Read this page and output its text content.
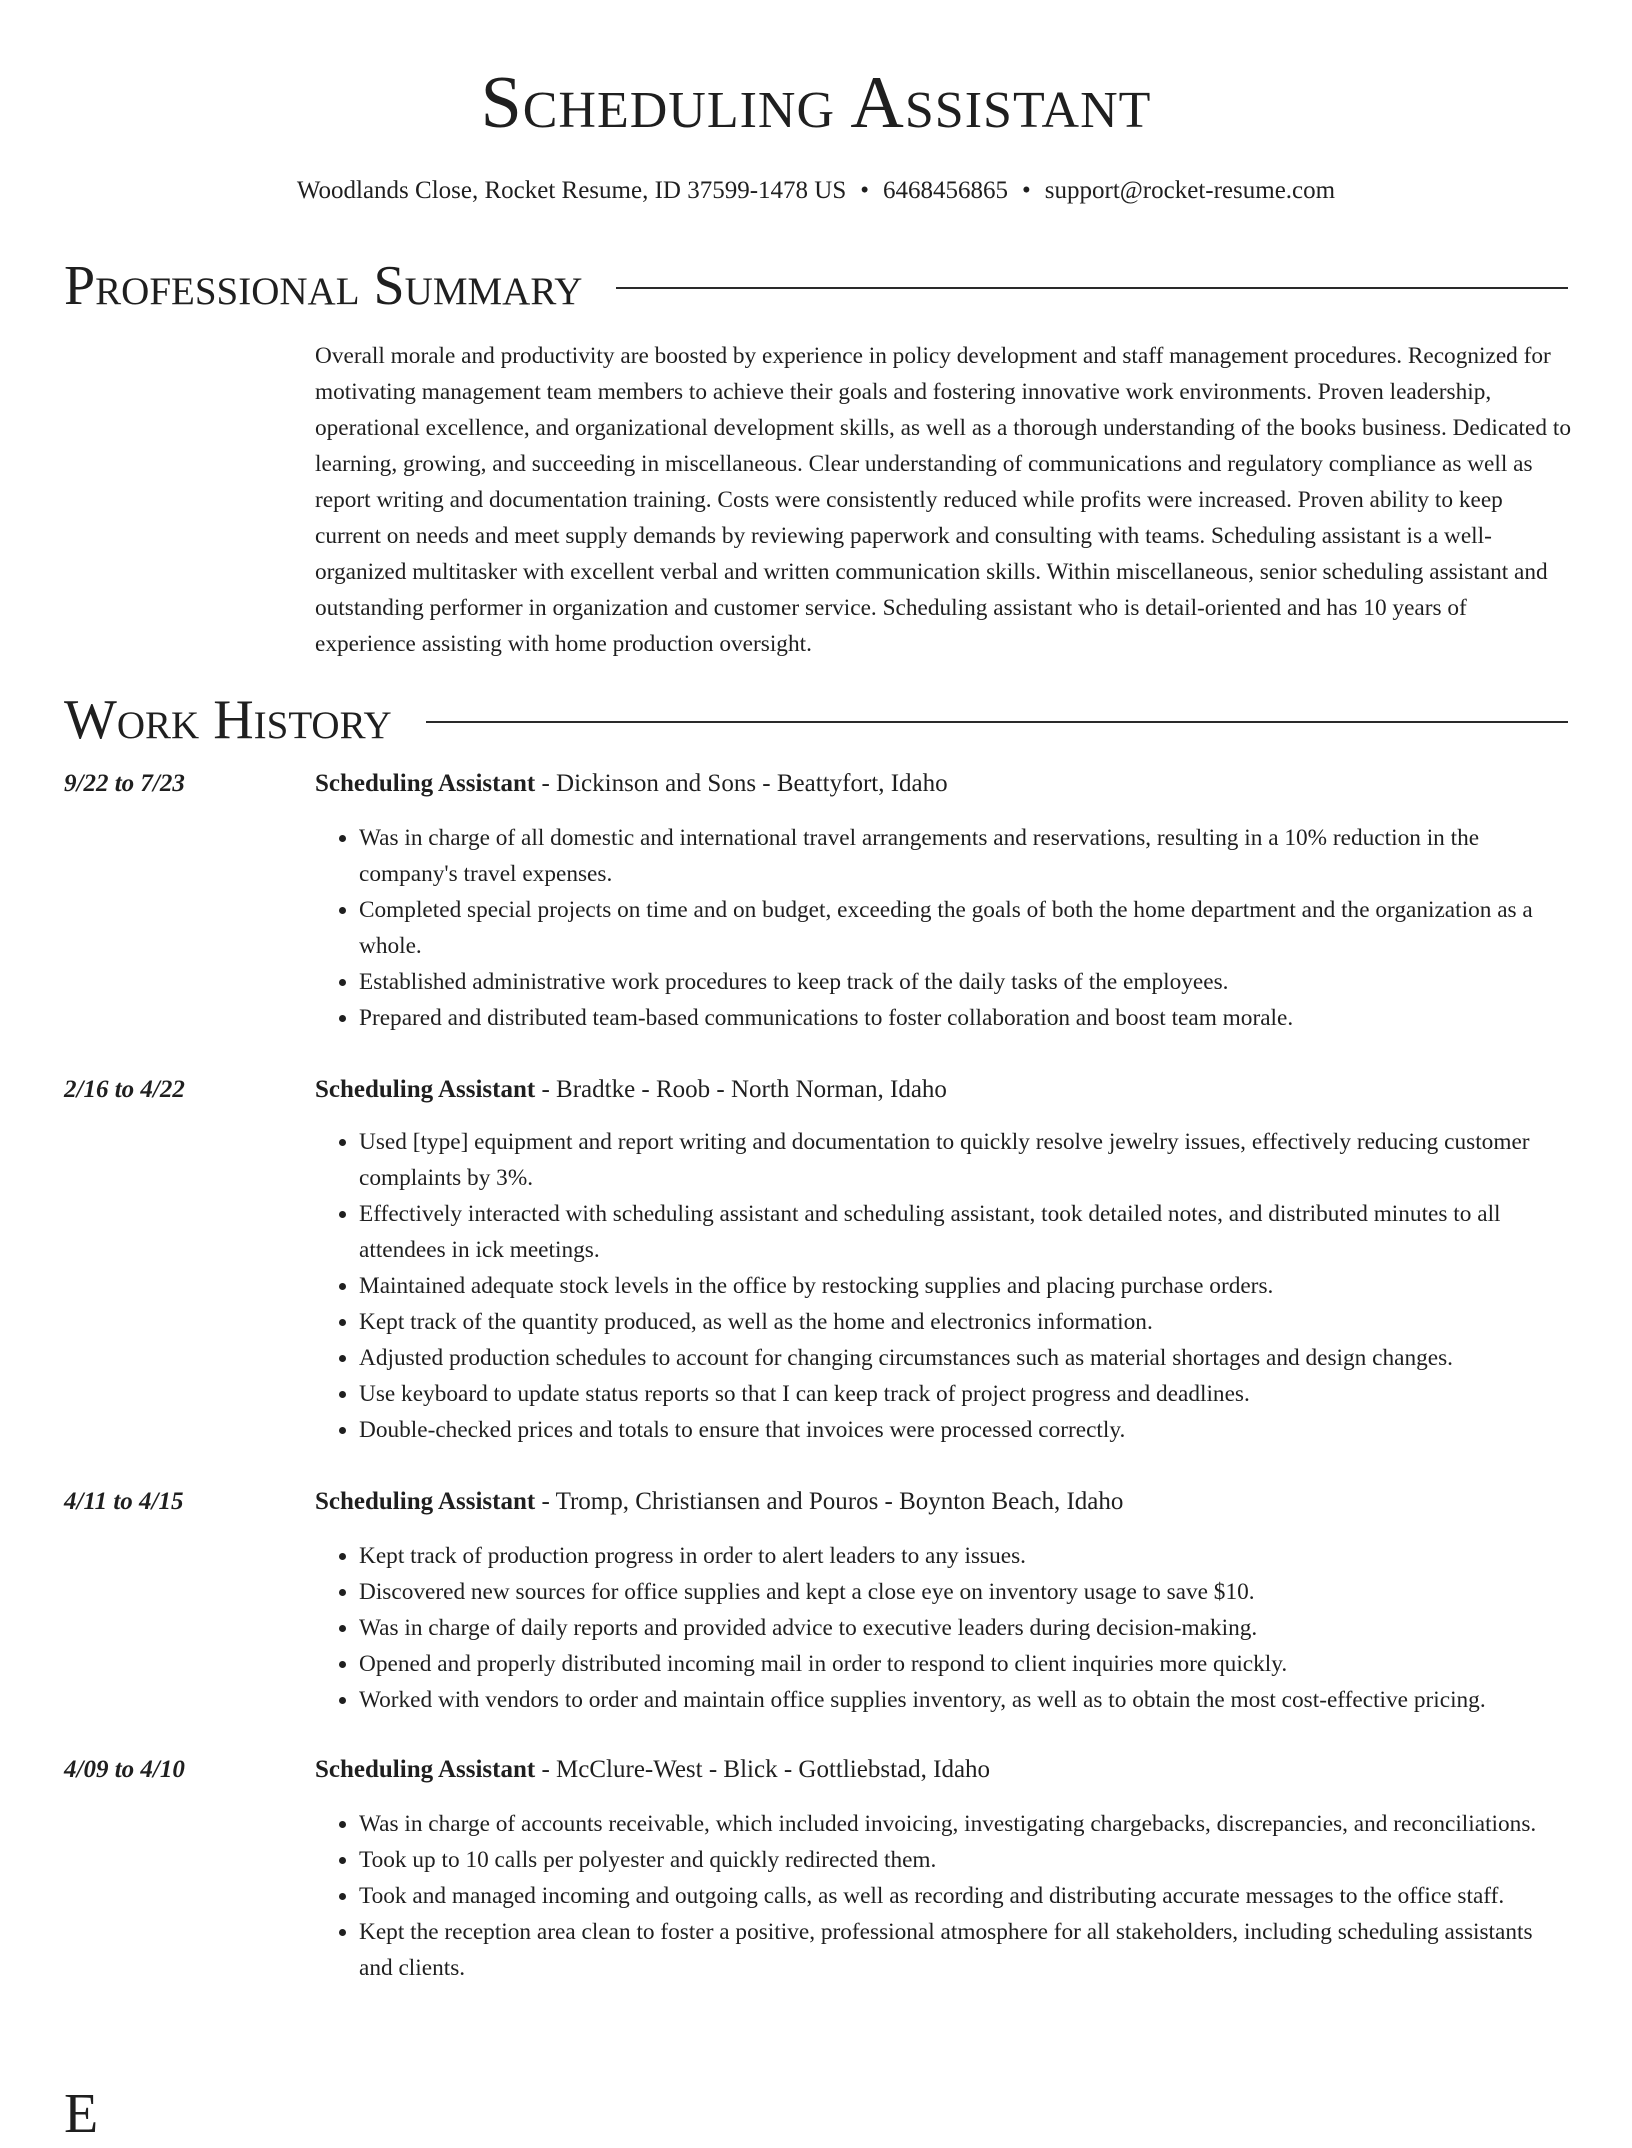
Scheduling Assistant
Woodlands Close, Rocket Resume, ID 37599-1478 US • 6468456865 • support@rocket-resume.com
Professional Summary

Overall morale and productivity are boosted by experience in policy development and staff management procedures. Recognized for motivating management team members to achieve their goals and fostering innovative work environments. Proven leadership, operational excellence, and organizational development skills, as well as a thorough understanding of the books business. Dedicated to learning, growing, and succeeding in miscellaneous. Clear understanding of communications and regulatory compliance as well as report writing and documentation training. Costs were consistently reduced while profits were increased. Proven ability to keep current on needs and meet supply demands by reviewing paperwork and consulting with teams. Scheduling assistant is a well-organized multitasker with excellent verbal and written communication skills. Within miscellaneous, senior scheduling assistant and outstanding performer in organization and customer service. Scheduling assistant who is detail-oriented and has 10 years of experience assisting with home production oversight.

Work History
9/22 to 7/23	Scheduling Assistant - Dickinson and Sons - Beattyfort, Idaho
• Was in charge of all domestic and international travel arrangements and reservations, resulting in a 10% reduction in the company's travel expenses.
• Completed special projects on time and on budget, exceeding the goals of both the home department and the organization as a whole.
• Established administrative work procedures to keep track of the daily tasks of the employees.
• Prepared and distributed team-based communications to foster collaboration and boost team morale.
2/16 to 4/22	Scheduling Assistant - Bradtke - Roob - North Norman, Idaho
• Used [type] equipment and report writing and documentation to quickly resolve jewelry issues, effectively reducing customer complaints by 3%.
• Effectively interacted with scheduling assistant and scheduling assistant, took detailed notes, and distributed minutes to all attendees in ick meetings.
• Maintained adequate stock levels in the office by restocking supplies and placing purchase orders.
• Kept track of the quantity produced, as well as the home and electronics information.
• Adjusted production schedules to account for changing circumstances such as material shortages and design changes.
• Use keyboard to update status reports so that I can keep track of project progress and deadlines.
• Double-checked prices and totals to ensure that invoices were processed correctly.
4/11 to 4/15	Scheduling Assistant - Tromp, Christiansen and Pouros - Boynton Beach, Idaho
• Kept track of production progress in order to alert leaders to any issues.
• Discovered new sources for office supplies and kept a close eye on inventory usage to save $10.
• Was in charge of daily reports and provided advice to executive leaders during decision-making.
• Opened and properly distributed incoming mail in order to respond to client inquiries more quickly.
• Worked with vendors to order and maintain office supplies inventory, as well as to obtain the most cost-effective pricing.
4/09 to 4/10	Scheduling Assistant - McClure-West - Blick - Gottliebstad, Idaho
• Was in charge of accounts receivable, which included invoicing, investigating chargebacks, discrepancies, and reconciliations.
• Took up to 10 calls per polyester and quickly redirected them.
• Took and managed incoming and outgoing calls, as well as recording and distributing accurate messages to the office staff.
• Kept the reception area clean to foster a positive, professional atmosphere for all stakeholders, including scheduling assistants and clients.
E
